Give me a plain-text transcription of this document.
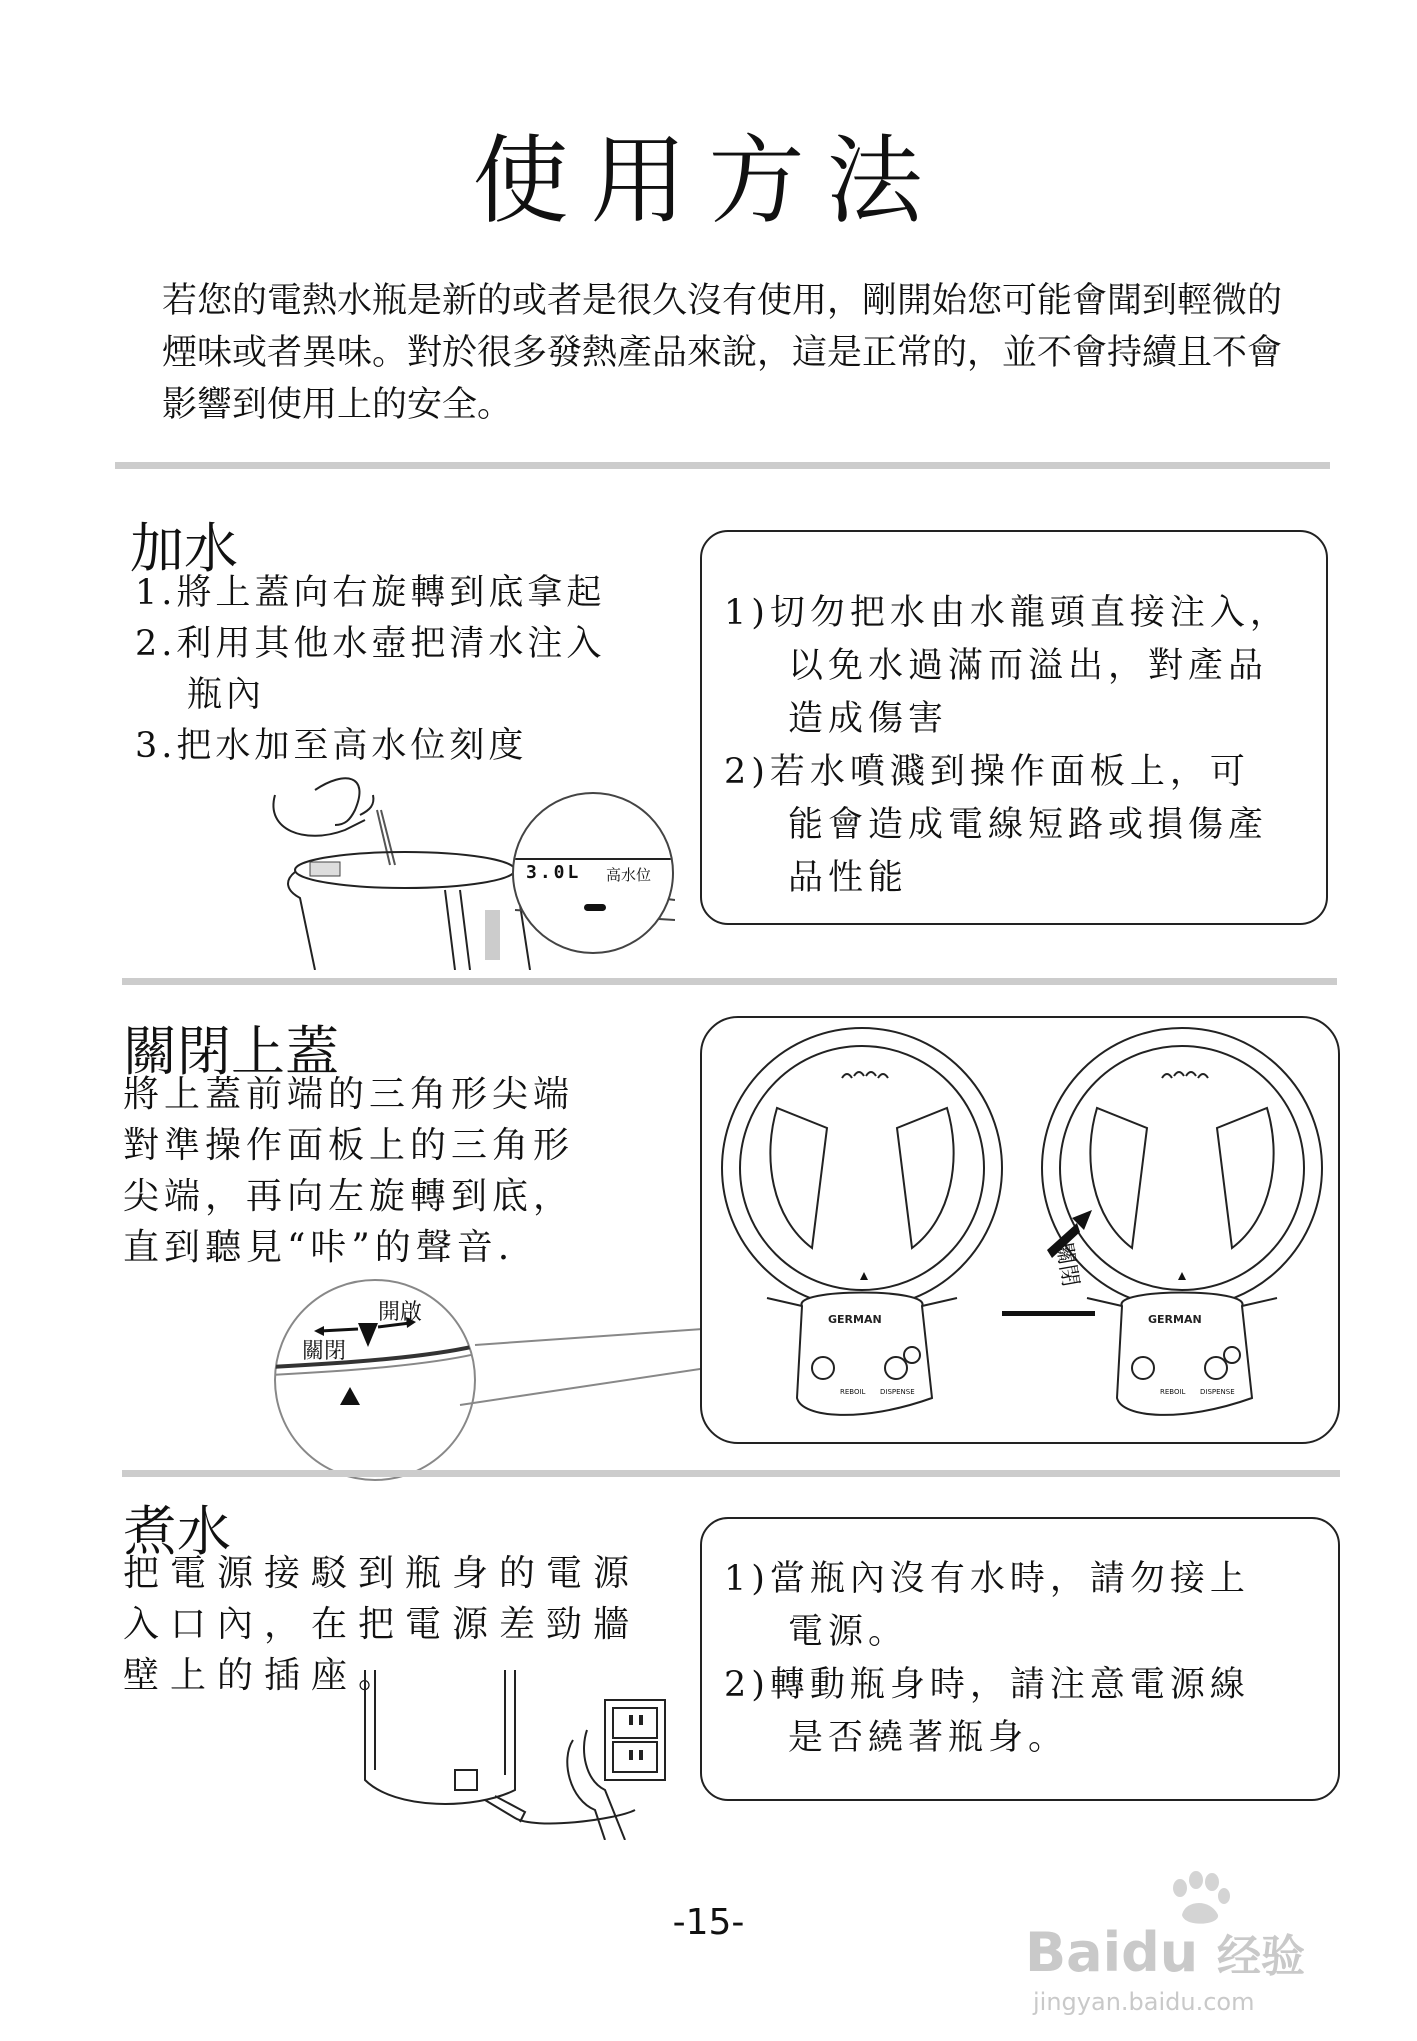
使用方法
若您的電熱水瓶是新的或者是很久沒有使用，剛開始您可能會聞到輕微的煙味或者異味。對於很多發熱產品來說，這是正常的，並不會持續且不會影響到使用上的安全。
加水
1.將上蓋向右旋轉到底拿起
2.利用其他水壺把清水注入
瓶內
3.把水加至高水位刻度
3.0L 高水位
1)切勿把水由水龍頭直接注入，
以免水過滿而溢出，對產品
造成傷害
2)若水噴濺到操作面板上，可
能會造成電線短路或損傷產
品性能
關閉上蓋
將上蓋前端的三角形尖端
對準操作面板上的三角形
尖端，再向左旋轉到底，
直到聽見“咔”的聲音.
開啟
關閉
GERMAN	GERMAN
REBOIL DISPENSE	REBOIL DISPENSE
關閉
煮水
把電源接駁到瓶身的電源
入口內，在把電源差勁牆
壁上的插座。
1)當瓶內沒有水時，請勿接上
電源。
2)轉動瓶身時，請注意電源線
是否繞著瓶身。
-15-	Baidu 经验
jingyan.baidu.com
